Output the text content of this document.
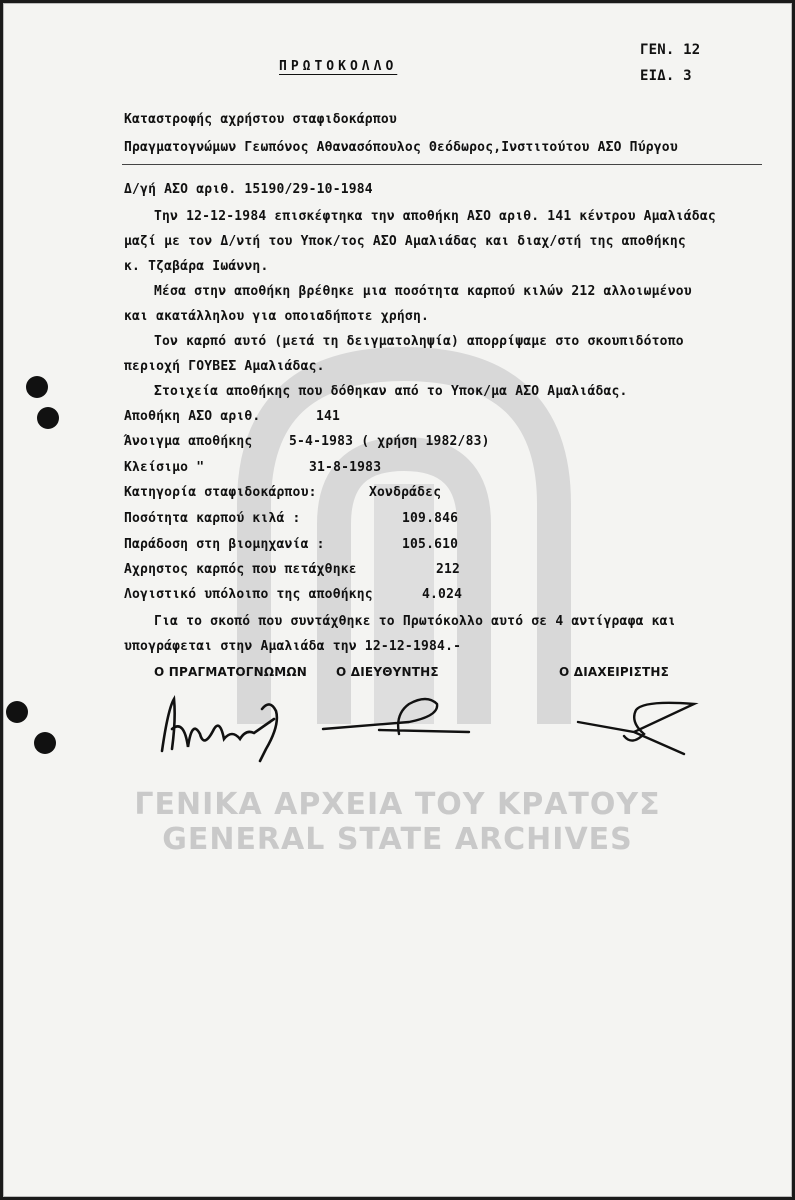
ΠΡΩΤΟΚΟΛΛΟ
ΓΕΝ. 12
ΕΙΔ. 3
Καταστροφής αχρήστου σταφιδοκάρπου
Πραγματογνώμων Γεωπόνος Αθανασόπουλος Θεόδωρος,Ινστιτούτου ΑΣΟ Πύργου
Δ/γή ΑΣΟ αριθ. 15190/29-10-1984
Την 12-12-1984 επισκέφτηκα την αποθήκη ΑΣΟ αριθ. 141 κέντρου Αμαλιάδας
μαζί με τον Δ/ντή του Υποκ/τος ΑΣΟ Αμαλιάδας και διαχ/στή της αποθήκης
κ. Τζαβάρα Ιωάννη.
Μέσα στην αποθήκη βρέθηκε μια ποσότητα καρπού κιλών 212 αλλοιωμένου
και ακατάλληλου για οποιαδήποτε χρήση.
Τον καρπό αυτό (μετά τη δειγματοληψία) απορρίψαμε στο σκουπιδότοπο
περιοχή ΓΟΥΒΕΣ Αμαλιάδας.
Στοιχεία αποθήκης που δόθηκαν από το Υποκ/μα ΑΣΟ Αμαλιάδας.
Αποθήκη ΑΣΟ αριθ.	141
Άνοιγμα αποθήκης	5-4-1983 ( χρήση 1982/83)
Κλείσιμο "	31-8-1983
Κατηγορία σταφιδοκάρπου:	Χονδράδες
Ποσότητα καρπού κιλά :	109.846
Παράδοση στη βιομηχανία :	105.610
Αχρηστος καρπός που πετάχθηκε	212
Λογιστικό υπόλοιπο της αποθήκης	4.024
Για το σκοπό που συντάχθηκε το Πρωτόκολλο αυτό σε 4 αντίγραφα και
υπογράφεται στην Αμαλιάδα την 12-12-1984.-
Ο ΠΡΑΓΜΑΤΟΓΝΩΜΩΝ Ο ΔΙΕΥΘΥΝΤΗΣ	Ο ΔΙΑΧΕΙΡΙΣΤΗΣ
ΓΕΝΙΚΑ ΑΡΧΕΙΑ ΤΟΥ ΚΡΑΤΟΥΣ
GENERAL STATE ARCHIVES
